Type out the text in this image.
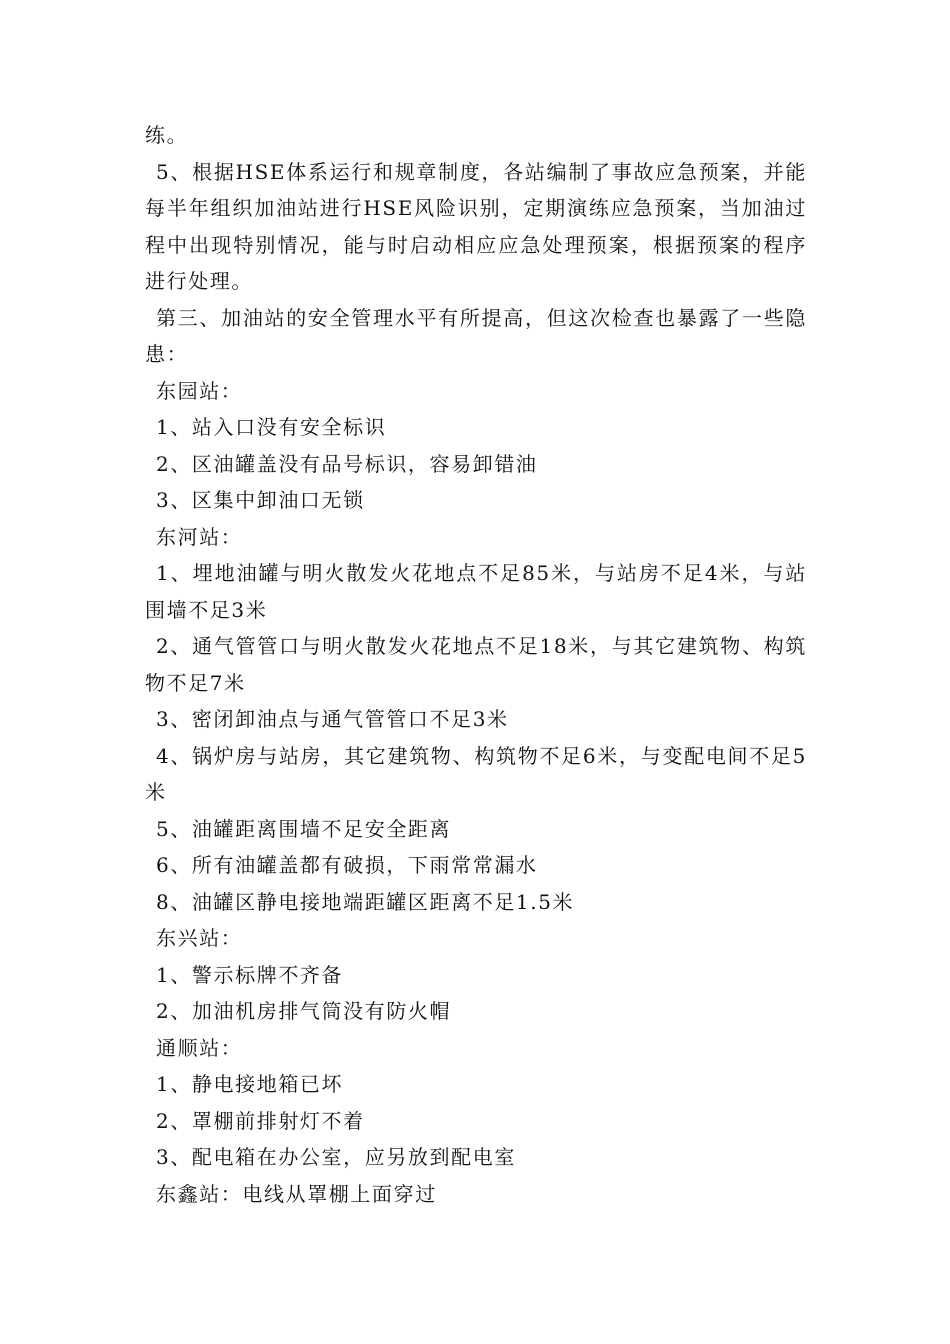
练。

5、根据HSE体系运行和规章制度，各站编制了事故应急预案，并能每半年组织加油站进行HSE风险识别，定期演练应急预案，当加油过程中出现特别情况，能与时启动相应应急处理预案，根据预案的程序进行处理。

第三、加油站的安全管理水平有所提高，但这次检查也暴露了一些隐患：

东园站：

1、站入口没有安全标识

2、区油罐盖没有品号标识，容易卸错油

3、区集中卸油口无锁

东河站：

1、埋地油罐与明火散发火花地点不足85米，与站房不足4米，与站围墙不足3米

2、通气管管口与明火散发火花地点不足18米，与其它建筑物、构筑物不足7米

3、密闭卸油点与通气管管口不足3米

4、锅炉房与站房，其它建筑物、构筑物不足6米，与变配电间不足5米

5、油罐距离围墙不足安全距离

6、所有油罐盖都有破损，下雨常常漏水

8、油罐区静电接地端距罐区距离不足1.5米

东兴站：

1、警示标牌不齐备

2、加油机房排气筒没有防火帽

通顺站：

1、静电接地箱已坏

2、罩棚前排射灯不着

3、配电箱在办公室，应另放到配电室

东鑫站：电线从罩棚上面穿过
